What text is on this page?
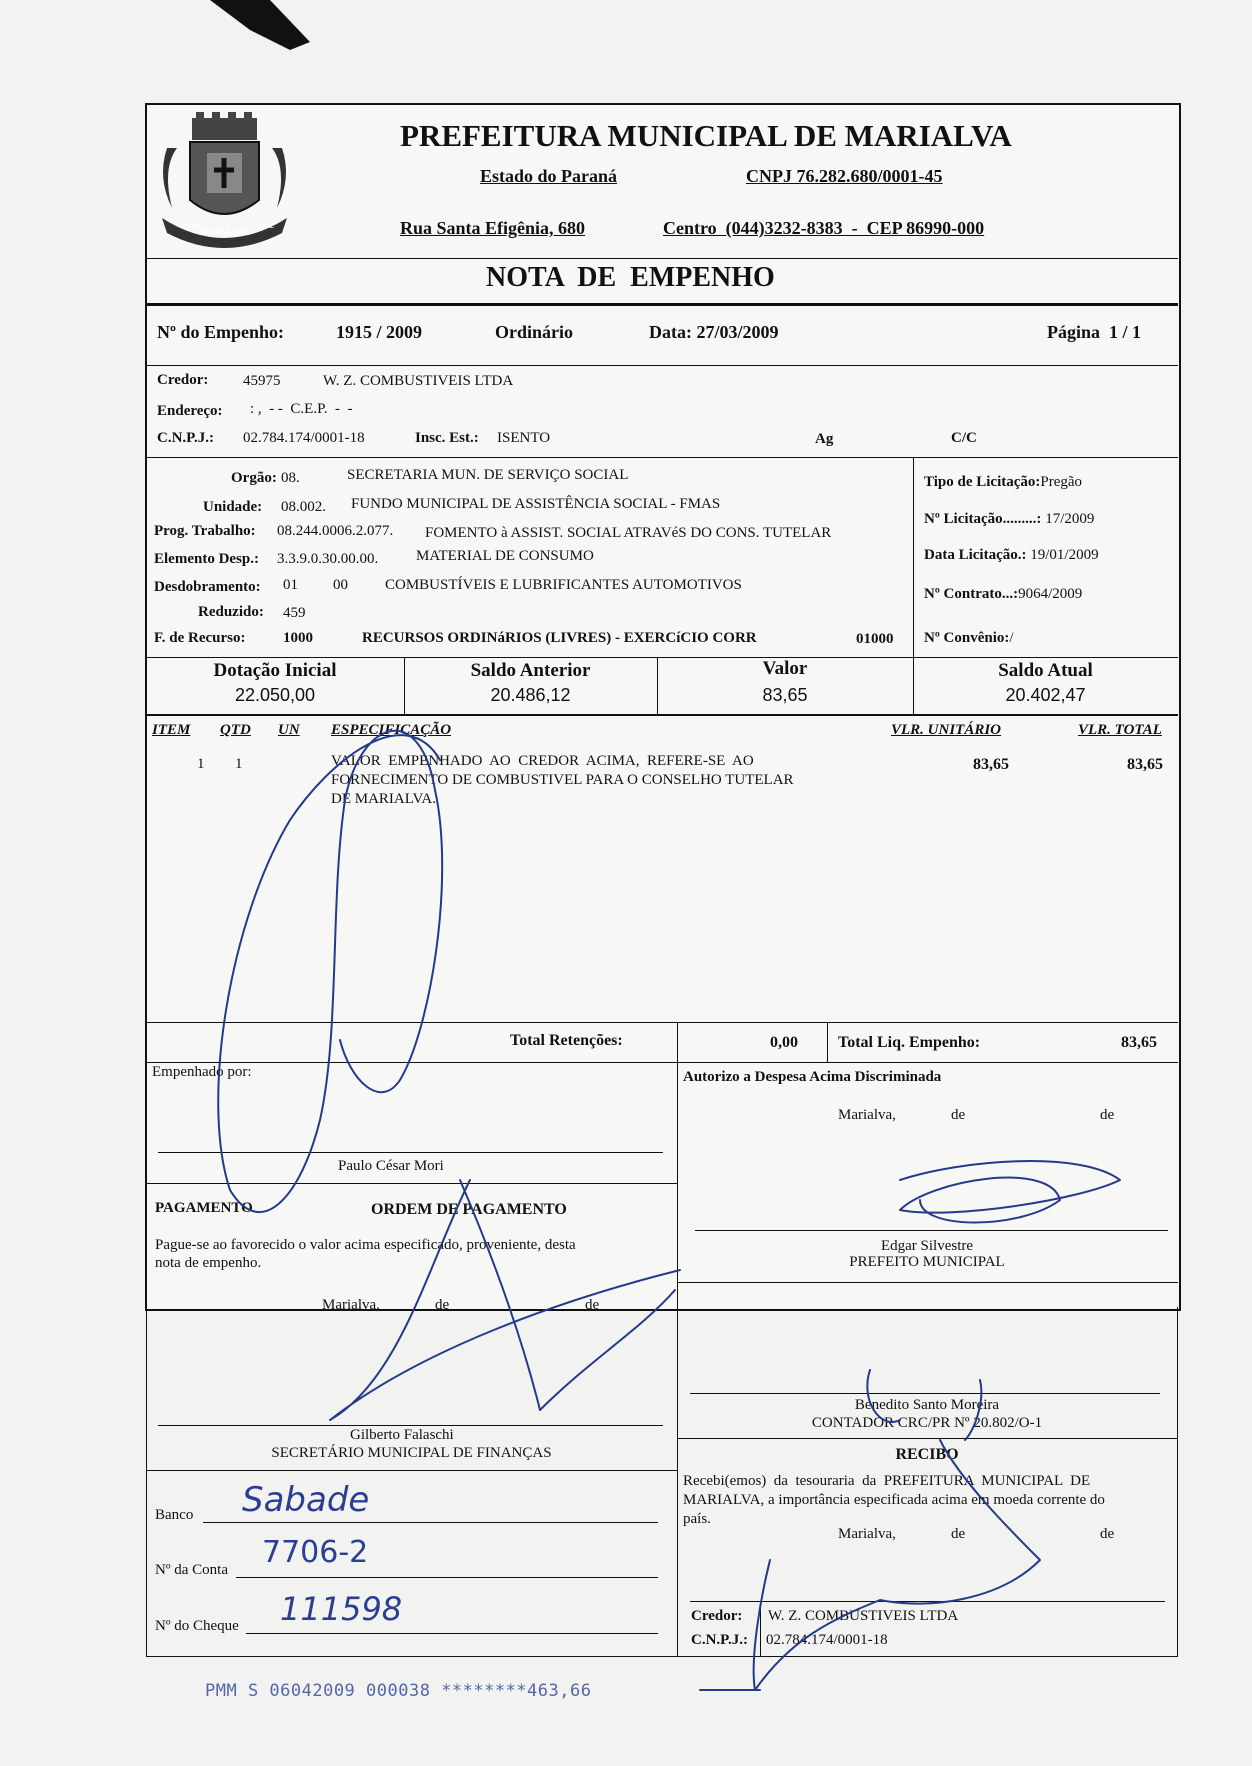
MARIALVA
1951	1952
PREFEITURA MUNICIPAL DE MARIALVA
Estado do Paraná	CNPJ 76.282.680/0001-45
Rua Santa Efigênia, 680	Centro  (044)3232-8383  -  CEP 86990-000
NOTA  DE  EMPENHO
Nº do Empenho:	1915 / 2009	Ordinário	Data: 27/03/2009	Página  1 / 1
Credor: 45975	W. Z. COMBUSTIVEIS LTDA
Endereço: : ,  - -  C.E.P.  -  -
C.N.P.J.: 02.784.174/0001-18	Insc. Est.: ISENTO	Ag	C/C
Orgão: 08.	SECRETARIA MUN. DE SERVIÇO SOCIAL
Unidade: 08.002. FUNDO MUNICIPAL DE ASSISTÊNCIA SOCIAL - FMAS
Prog. Trabalho: 08.244.0006.2.077. FOMENTO à ASSIST. SOCIAL ATRAVéS DO CONS. TUTELAR
Elemento Desp.: 3.3.9.0.30.00.00.	MATERIAL DE CONSUMO
Desdobramento: 01 00 COMBUSTÍVEIS E LUBRIFICANTES AUTOMOTIVOS
Reduzido: 459
F. de Recurso: 1000	RECURSOS ORDINáRIOS (LIVRES) - EXERCíCIO CORR	01000
Tipo de Licitação:Pregão
Nº Licitação.........: 17/2009
Data Licitação.: 19/01/2009
Nº Contrato...:9064/2009
Nº Convênio:/
Dotação Inicial
22.050,00
Saldo Anterior
20.486,12
Valor
83,65
Saldo Atual
20.402,47
ITEM QTD UN ESPECIFICAÇÃO	VLR. UNITÁRIO	VLR. TOTAL
1 1	VALOR  EMPENHADO  AO  CREDOR  ACIMA,  REFERE-SE  AO
FORNECIMENTO DE COMBUSTIVEL PARA O CONSELHO TUTELAR
DE MARIALVA.
83,65	83,65
Total Retenções:	0,00	Total Liq. Empenho:	83,65
Empenhado por:
Paulo César Mori
Autorizo a Despesa Acima Discriminada
Marialva,	de	de
Edgar Silvestre
PREFEITO MUNICIPAL
PAGAMENTO	ORDEM DE PAGAMENTO
Pague-se ao favorecido o valor acima especificado, proveniente, desta
nota de empenho.
Marialva,	de	de
Gilberto Falaschi
SECRETÁRIO MUNICIPAL DE FINANÇAS
Banco Sabade
Nº da Conta 7706-2
Nº do Cheque 111598
Benedito Santo Moreira
CONTADOR CRC/PR Nº 20.802/O-1
RECIBO
Recebi(emos)  da  tesouraria  da  PREFEITURA  MUNICIPAL  DE
MARIALVA, a importância especificada acima em moeda corrente do
país.
Marialva,	de	de
Credor: W. Z. COMBUSTIVEIS LTDA
C.N.P.J.: 02.784.174/0001-18
PMM S 06042009 000038 ********463,66
